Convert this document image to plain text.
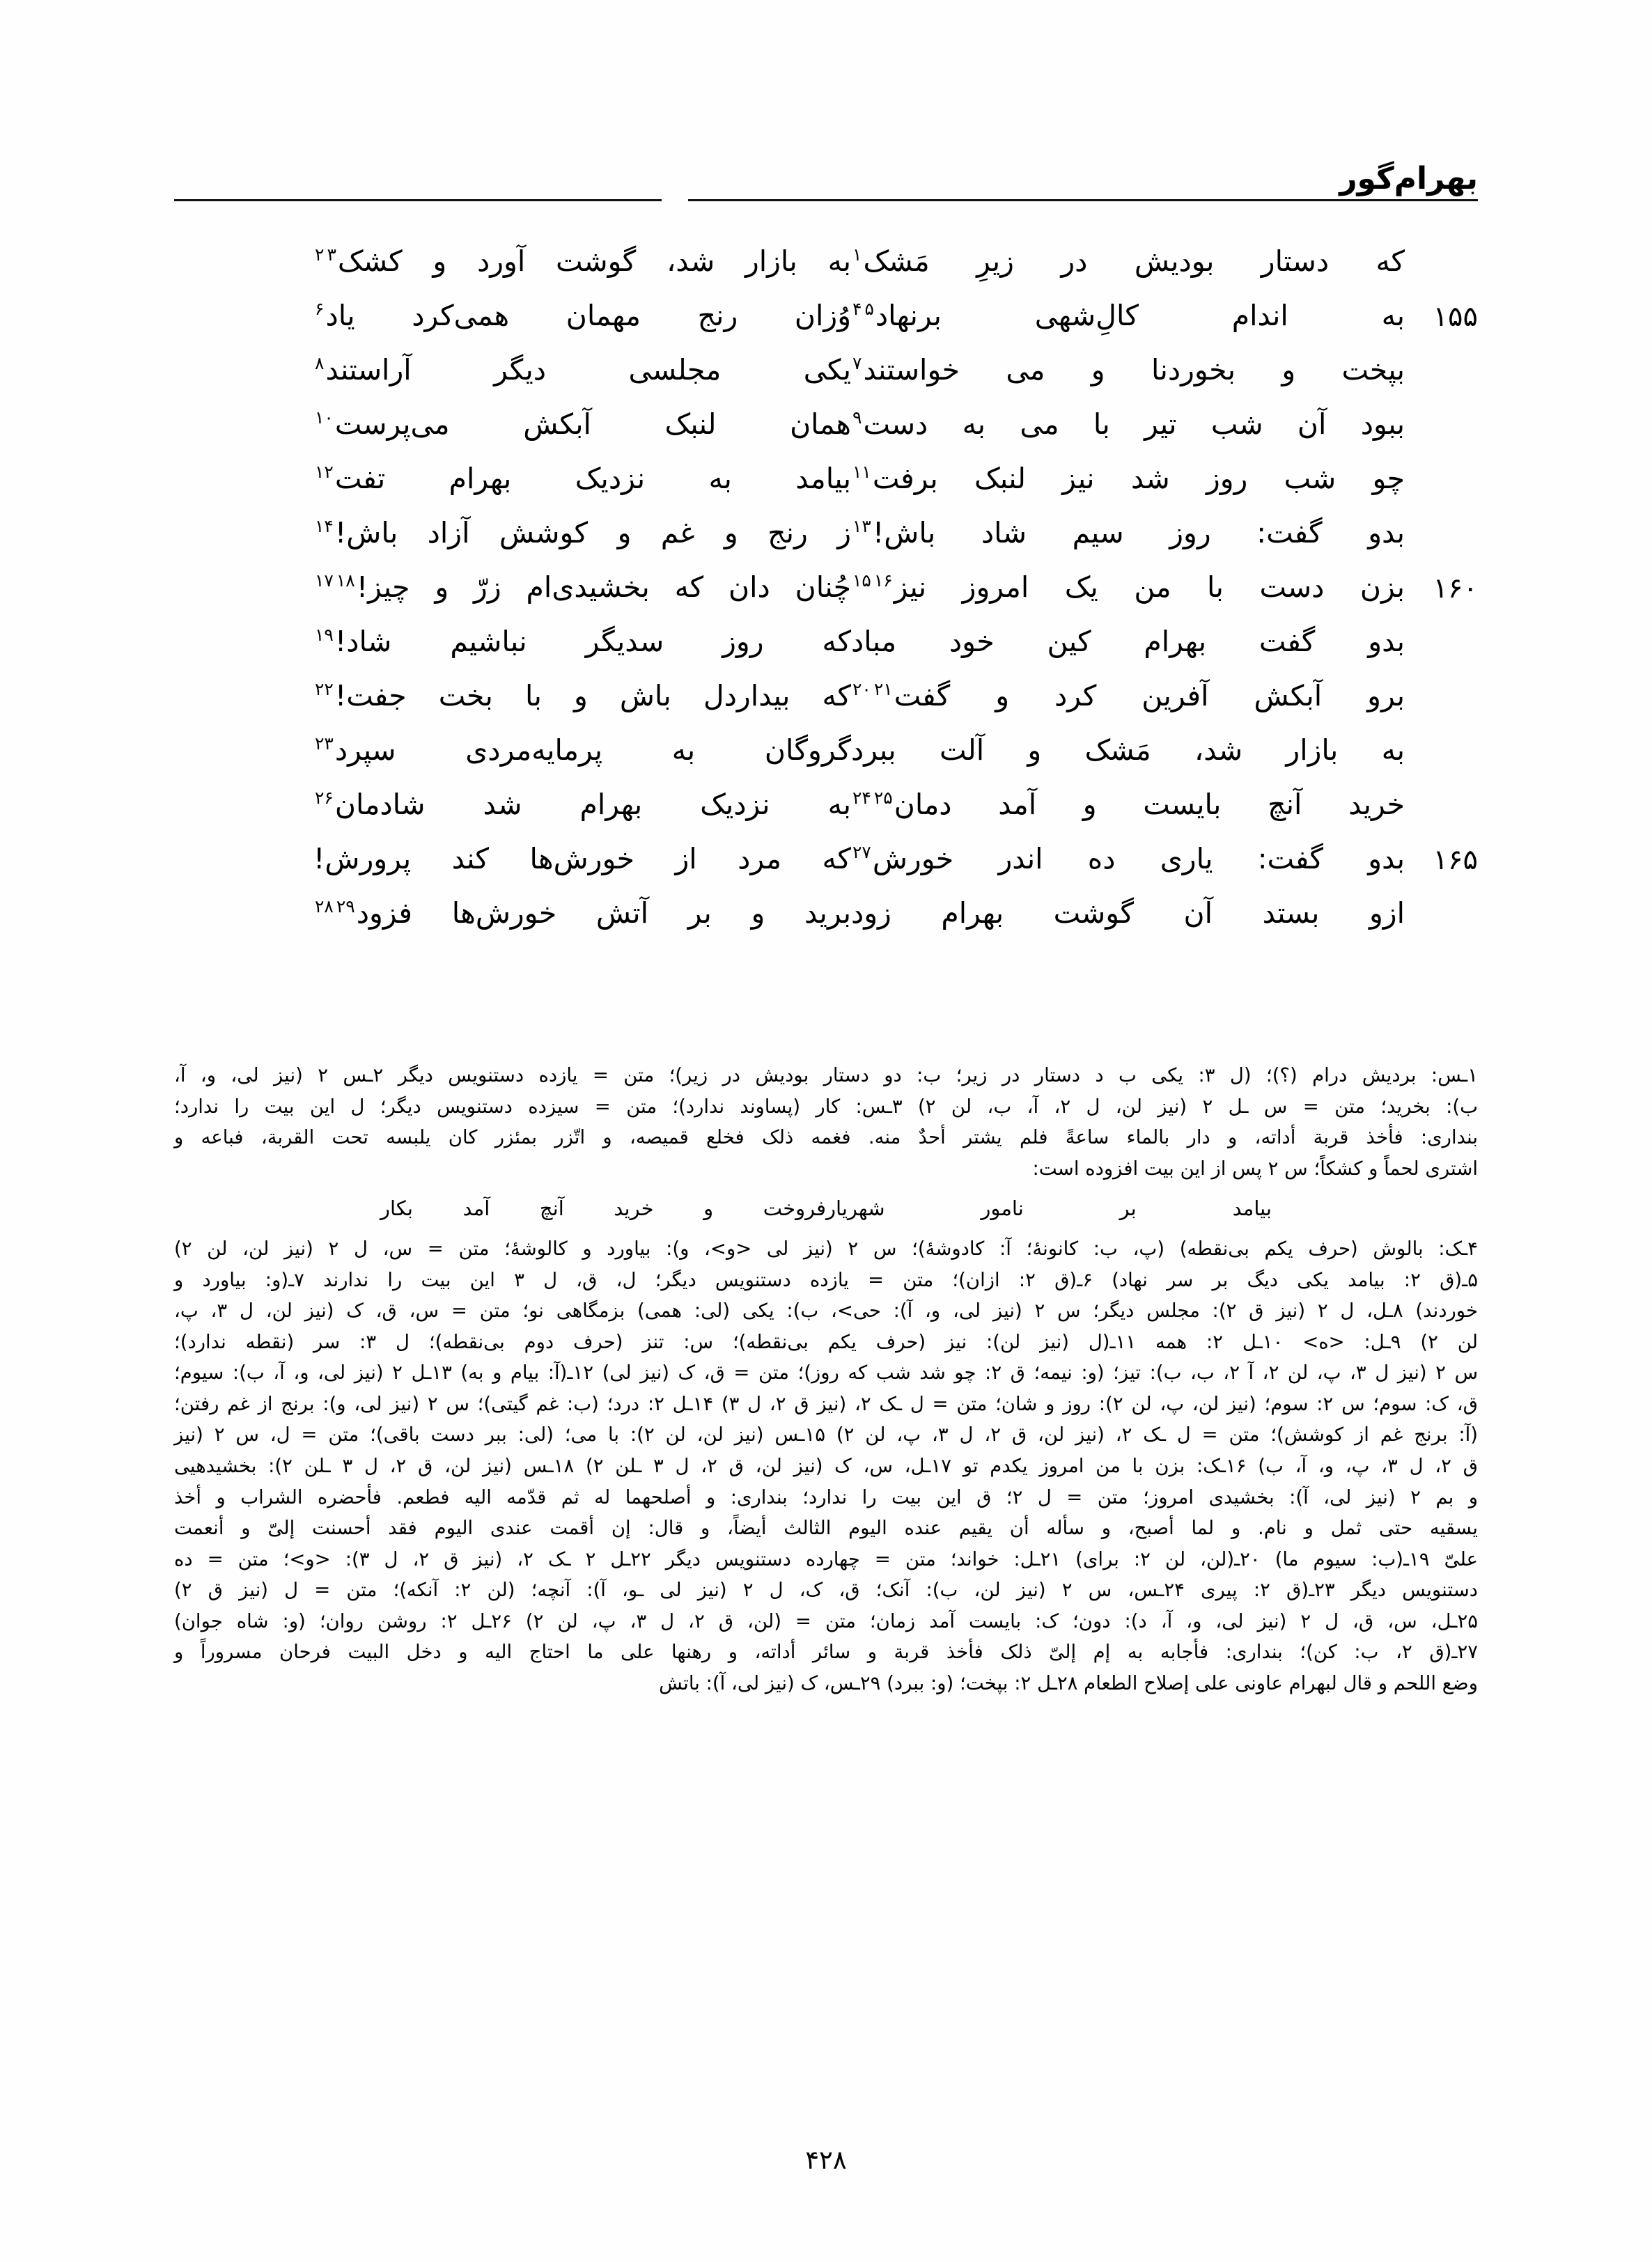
بهرام‌گور
که دستار بودیش در زیرِ مَشک$^۱$
به بازار شد، گوشت آورد و کشک$^۲$ $^۳$
۱۵۵
به اندام کالِ‌شهی برنهاد$^۴$ $^۵$
وُزان رنج مهمان همی‌کرد یاد$^۶$
بپخت و بخوردنا و می خواستند$^۷$
یکی مجلسی دیگر آراستند$^۸$
ببود آن شب تیر با می به دست$^۹$
همان لنبک آبکش می‌پرست$^{۱۰}$
چو شب روز شد نیز لنبک برفت$^{۱۱}$
بیامد به نزدیک بهرام تفت$^{۱۲}$
بدو گفت: روز سیم شاد باش!$^{۱۳}$
ز رنج و غم و کوشش آزاد باش!$^{۱۴}$
۱۶۰
بزن دست با من یک امروز نیز$^{۱۵}$ $^{۱۶}$
چُنان دان که بخشیدی‌ام زرّ و چیز!$^{۱۷}$ $^{۱۸}$
بدو گفت بهرام کین خود مباد
که روز سدیگر نباشیم شاد!$^{۱۹}$
برو آبکش آفرین کرد و گفت$^{۲۰}$ $^{۲۱}$
که بیداردل باش و با بخت جفت!$^{۲۲}$
به بازار شد، مَشک و آلت ببرد
گروگان به پرمایه‌مردی سپرد$^{۲۳}$
خرید آنچ بایست و آمد دمان$^{۲۴}$ $^{۲۵}$
به نزدیک بهرام شد شادمان$^{۲۶}$
۱۶۵
بدو گفت: یاری ده اندر خورش$^{۲۷}$
که مرد از خورش‌ها کند پرورش!
ازو بستد آن گوشت بهرام زود
برید و بر آتش خورش‌ها فزود$^{۲۸}$ $^{۲۹}$
۱ـس: بردیش درام (؟)؛ (ل ۳: یکی ب د دستار در زیر؛ ب: دو دستار بودیش در زیر)؛ متن = یازده دستنویس دیگر ۲ـس ۲ (نیز لی، و، آ،
ب): بخرید؛ متن = س ـل ۲ (نیز لن، ل ۲، آ، ب، لن ۲) ۳ـس: کار (پساوند ندارد)؛ متن = سیزده دستنویس دیگر؛ ل این بیت را ندارد؛
بنداری: فأخذ قربة أداته، و دار بالماء ساعةً فلم یشتر أحدٌ منه. فغمه ذلک فخلع قمیصه، و اتّزر بمئزر کان یلبسه تحت القربة، فباعه و
اشتری لحماً و کشکاً؛ س ۲ پس از این بیت افزوده است:
بیامد بر نامور شهریار
فروخت و خرید آنچ آمد بکار
۴ـک: بالوش (حرف یکم بی‌نقطه) (پ، ب: کانونهٔ؛ آ: کادوشهٔ)؛ س ۲ (نیز لی <و>، و): بیاورد و کالوشهٔ؛ متن = س، ل ۲ (نیز لن، لن ۲)
۵ـ(ق ۲: بیامد یکی دیگ بر سر نهاد) ۶ـ(ق ۲: ازان)؛ متن = یازده دستنویس دیگر؛ ل، ق، ل ۳ این بیت را ندارند ۷ـ(و: بیاورد و
خوردند) ۸ـل، ل ۲ (نیز ق ۲): مجلس دیگر؛ س ۲ (نیز لی، و، آ): حی>، ب): یکی (لی: همی) بزمگاهی نو؛ متن = س، ق، ک (نیز لن، ل ۳، پ،
لن ۲) ۹ـل: <ه> ۱۰ـل ۲: همه ۱۱ـ(ل (نیز لن): نیز (حرف یکم بی‌نقطه)؛ س: تنز (حرف دوم بی‌نقطه)؛ ل ۳: سر (نقطه ندارد)؛
س ۲ (نیز ل ۳، پ، لن ۲، آ ۲، ب، ب): تیز؛ (و: نیمه؛ ق ۲: چو شد شب که روز)؛ متن = ق، ک (نیز لی) ۱۲ـ(آ: بیام و به) ۱۳ـل ۲ (نیز لی، و، آ، ب): سیوم؛
ق، ک: سوم؛ س ۲: سوم؛ (نیز لن، پ، لن ۲): روز و شان؛ متن = ل ـک ۲، (نیز ق ۲، ل ۳) ۱۴ـل ۲: درد؛ (ب: غم گیتی)؛ س ۲ (نیز لی، و): برنج از غم رفتن؛
(آ: برنج غم از کوشش)؛ متن = ل ـک ۲، (نیز لن، ق ۲، ل ۳، پ، لن ۲) ۱۵ـس (نیز لن، لن ۲): با می؛ (لی: ببر دست باقی)؛ متن = ل، س ۲ (نیز
ق ۲، ل ۳، پ، و، آ، ب) ۱۶ـک: بزن با من امروز یکدم تو ۱۷ـل، س، ک (نیز لن، ق ۲، ل ۳ ـلن ۲) ۱۸ـس (نیز لن، ق ۲، ل ۳ ـلن ۲): بخشیدهیی
و بم ۲ (نیز لی، آ): بخشیدی امروز؛ متن = ل ۲؛ ق این بیت را ندارد؛ بنداری: و أصلحهما له ثم قدّمه الیه فطعم. فأحضره الشراب و أخذ
یسقیه حتی ثمل و نام. و لما أصبح، و سأله أن یقیم عنده الیوم الثالث أیضاً، و قال: إن أقمت عندی الیوم فقد أحسنت إلیّ و أنعمت
علیّ ۱۹ـ(ب: سیوم ما) ۲۰ـ(لن، لن ۲: برای) ۲۱ـل: خواند؛ متن = چهارده دستنویس دیگر ۲۲ـل ۲ ـک ۲، (نیز ق ۲، ل ۳): <و>؛ متن = ده
دستنویس دیگر ۲۳ـ(ق ۲: پیری ۲۴ـس، س ۲ (نیز لن، ب): آنک؛ ق، ک، ل ۲ (نیز لی ـو، آ): آنچه؛ (لن ۲: آنکه)؛ متن = ل (نیز ق ۲)
۲۵ـل، س، ق، ل ۲ (نیز لی، و، آ، د): دون؛ ک: بایست آمد زمان؛ متن = (لن، ق ۲، ل ۳، پ، لن ۲) ۲۶ـل ۲: روشن روان؛ (و: شاه جوان)
۲۷ـ(ق ۲، ب: کن)؛ بنداری: فأجابه به إم إلیّ ذلک فأخذ قربة و سائر أداته، و رهنها علی ما احتاج الیه و دخل البیت فرحان مسروراً و
وضع اللحم و قال لبهرام عاونی علی إصلاح الطعام ۲۸ـل ۲: بپخت؛ (و: ببرد) ۲۹ـس، ک (نیز لی، آ): باتش
۴۲۸
